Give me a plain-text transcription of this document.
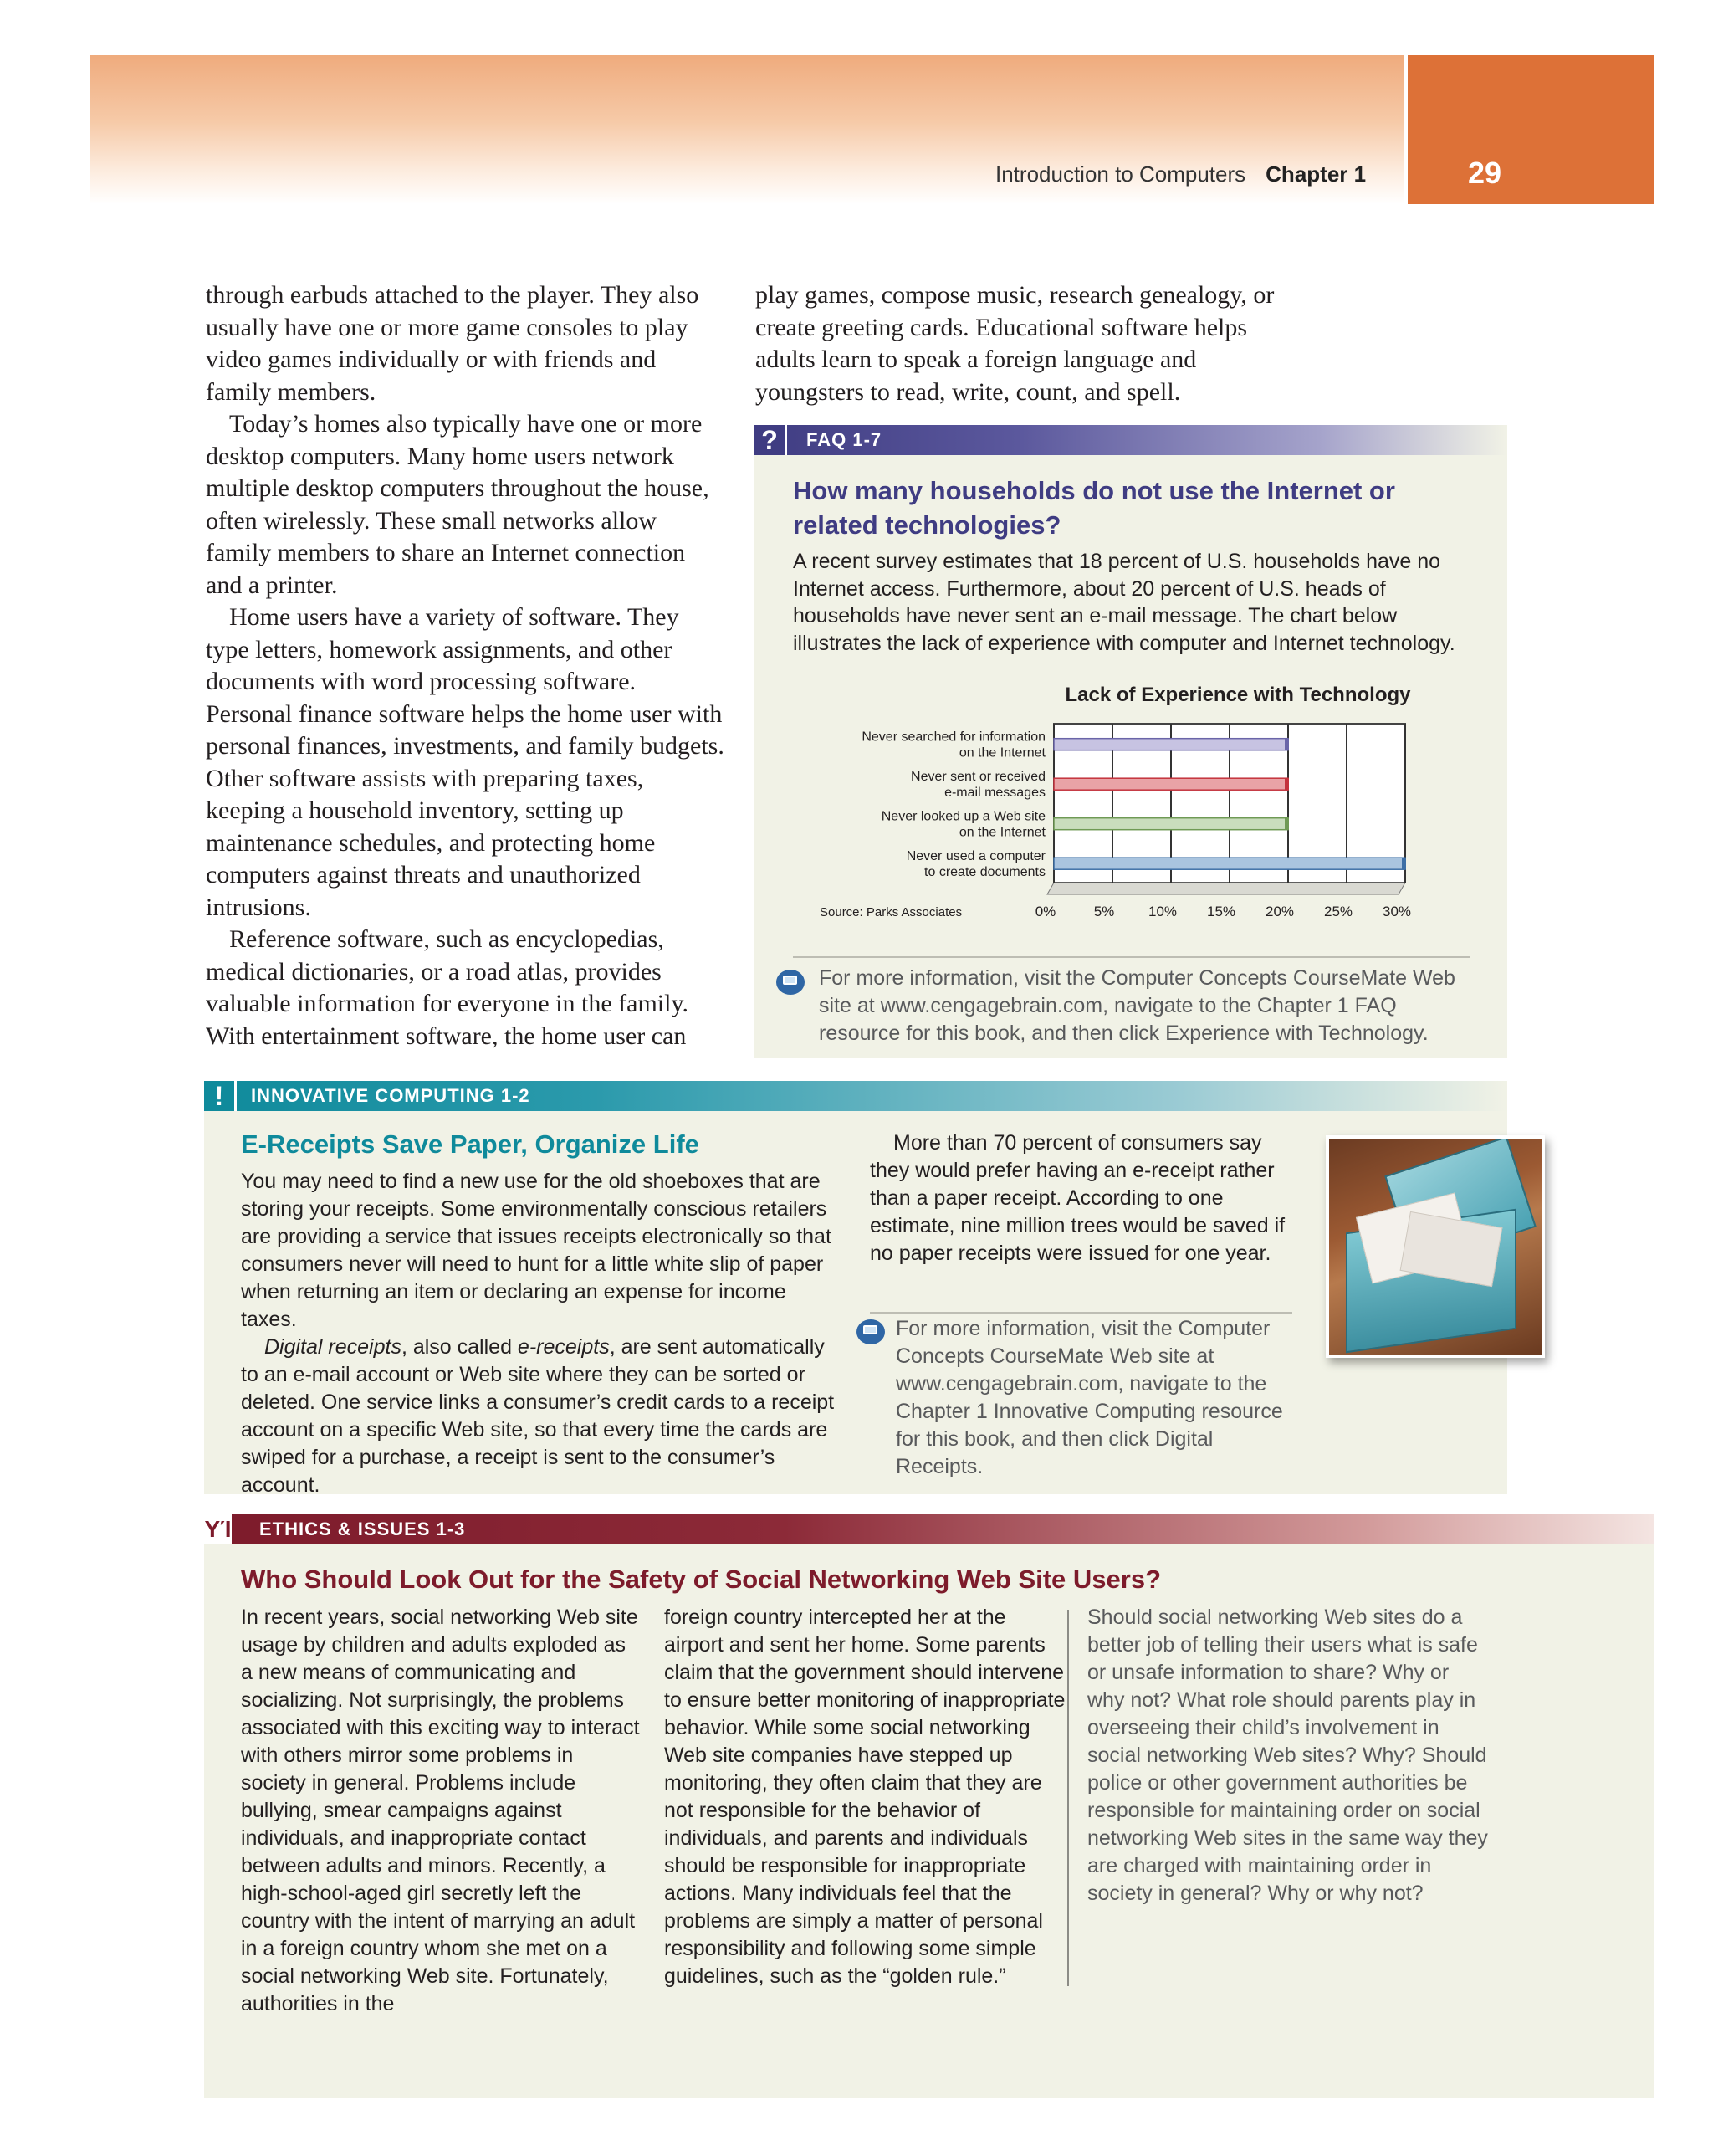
Introduction to Computers Chapter 1	29

through earbuds attached to the player. They also usually have one or more game consoles to play video games individually or with friends and family members.

Today’s homes also typically have one or more desktop computers. Many home users network multiple desktop computers throughout the house, often wirelessly. These small networks allow family members to share an Internet connection and a printer.

Home users have a variety of software. They type letters, homework assignments, and other documents with word processing software. Personal finance software helps the home user with personal finances, investments, and family budgets. Other software assists with preparing taxes, keeping a household inventory, setting up maintenance schedules, and protecting home computers against threats and unauthorized intrusions.

Reference software, such as encyclopedias, medical dictionaries, or a road atlas, provides valuable information for everyone in the family. With entertainment software, the home user can

play games, compose music, research genealogy, or create greeting cards. Educational software helps adults learn to speak a foreign language and youngsters to read, write, count, and spell.

?	FAQ 1-7
How many households do not use the Internet or related technologies?
A recent survey estimates that 18 percent of U.S. households have no Internet access. Furthermore, about 20 percent of U.S. heads of households have never sent an e-mail message. The chart below illustrates the lack of experience with computer and Internet technology.
0%	5% 10% 15% 20% 25% 30%
Lack of Experience with Technology
Never searched for information
on the Internet
Never sent or received
e-mail messages
Never looked up a Web site
on the Internet
Never used a computer
to create documents
Source: Parks Associates
For more information, visit the Computer Concepts CourseMate Web site at www.cengagebrain.com, navigate to the Chapter 1 FAQ resource for this book, and then click Experience with Technology.
!	INNOVATIVE COMPUTING 1-2
E-Receipts Save Paper, Organize Life

You may need to find a new use for the old shoeboxes that are storing your receipts. Some environmentally conscious retailers are providing a service that issues receipts electronically so that consumers never will need to hunt for a little white slip of paper when returning an item or declaring an expense for income taxes.

Digital receipts, also called e-receipts, are sent automatically to an e-mail account or Web site where they can be sorted or deleted. One service links a consumer’s credit cards to a receipt account on a specific Web site, so that every time the cards are swiped for a purchase, a receipt is sent to the consumer’s account.

More than 70 percent of consumers say they would prefer having an e-receipt rather than a paper receipt. According to one estimate, nine million trees would be saved if no paper receipts were issued for one year.

For more information, visit the Computer Concepts CourseMate Web site at www.cengagebrain.com, navigate to the Chapter 1 Innovative Computing resource for this book, and then click Digital Receipts.
ΥΊ ETHICS & ISSUES 1-3
Who Should Look Out for the Safety of Social Networking Web Site Users?
In recent years, social networking Web site usage by children and adults exploded as a new means of communicating and socializing. Not surprisingly, the problems associated with this exciting way to interact with others mirror some problems in society in general. Problems include bullying, smear campaigns against individuals, and inappropriate contact between adults and minors. Recently, a high-school-aged girl secretly left the country with the intent of marrying an adult in a foreign country whom she met on a social networking Web site. Fortunately, authorities in the
foreign country intercepted her at the airport and sent her home. Some parents claim that the government should intervene to ensure better monitoring of inappropriate behavior. While some social networking Web site companies have stepped up monitoring, they often claim that they are not responsible for the behavior of individuals, and parents and individuals should be responsible for inappropriate actions. Many individuals feel that the problems are simply a matter of personal responsibility and following some simple guidelines, such as the “golden rule.”
Should social networking Web sites do a better job of telling their users what is safe or unsafe information to share? Why or why not? What role should parents play in overseeing their child’s involvement in social networking Web sites? Why? Should police or other government authorities be responsible for maintaining order on social networking Web sites in the same way they are charged with maintaining order in society in general? Why or why not?
